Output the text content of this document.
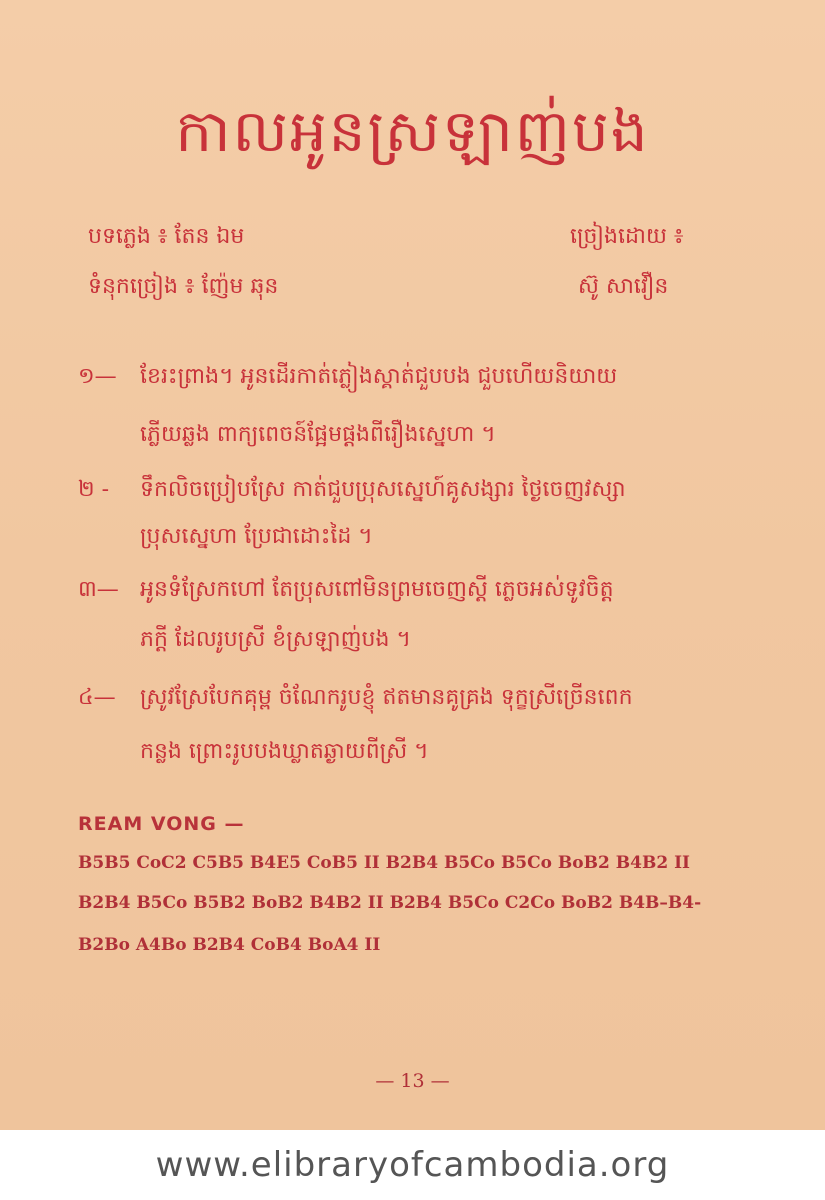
កាលអូនស្រឡាញ់បង
បទភ្លេង ៖ តែន ឯម
ទំនុកច្រៀង ៖ ញ៉ែម ឆុន
ច្រៀងដោយ ៖
ស៊ូ សាវឿន
១— ខែរះព្រាង។ អូនដើរកាត់ភ្លៀងស្គាត់ជួបបង ជួបហើយនិយាយ
ភ្លើយឆ្លង ពាក្យពេចន៍ផ្អែមផ្ដងពីរឿងស្នេហា ។
២ - ទឹកលិចប្រៀបស្រែ កាត់ជួបប្រុសស្នេហ៍គូសង្សារ ថ្ងៃចេញវស្សា
ប្រុសស្នេហា ប្រែជាដោះដៃ ។
៣— អូនទំស្រែកហៅ តែប្រុសពៅមិនព្រមចេញស្ដី ភ្លេចអស់ទូវចិត្ត
ភក្ដី ដែលរូបស្រី ខំស្រឡាញ់បង ។
៤— ស្រូវស្រែបែកគុម្ព ចំណែករូបខ្ញុំ ឥតមានគូគ្រង ទុក្ខស្រីច្រើនពេក
កន្លង ព្រោះរូបបងឃ្លាតឆ្ងាយពីស្រី ។
REAM VONG —
B5B5 CoC2 C5B5 B4E5 CoB5 II B2B4 B5Co B5Co BoB2 B4B2 II
B2B4 B5Co B5B2 BoB2 B4B2 II B2B4 B5Co C2Co BoB2 B4B–B4-
B2Bo A4Bo B2B4 CoB4 BoA4 II
— 13 —
www.elibraryofcambodia.org
